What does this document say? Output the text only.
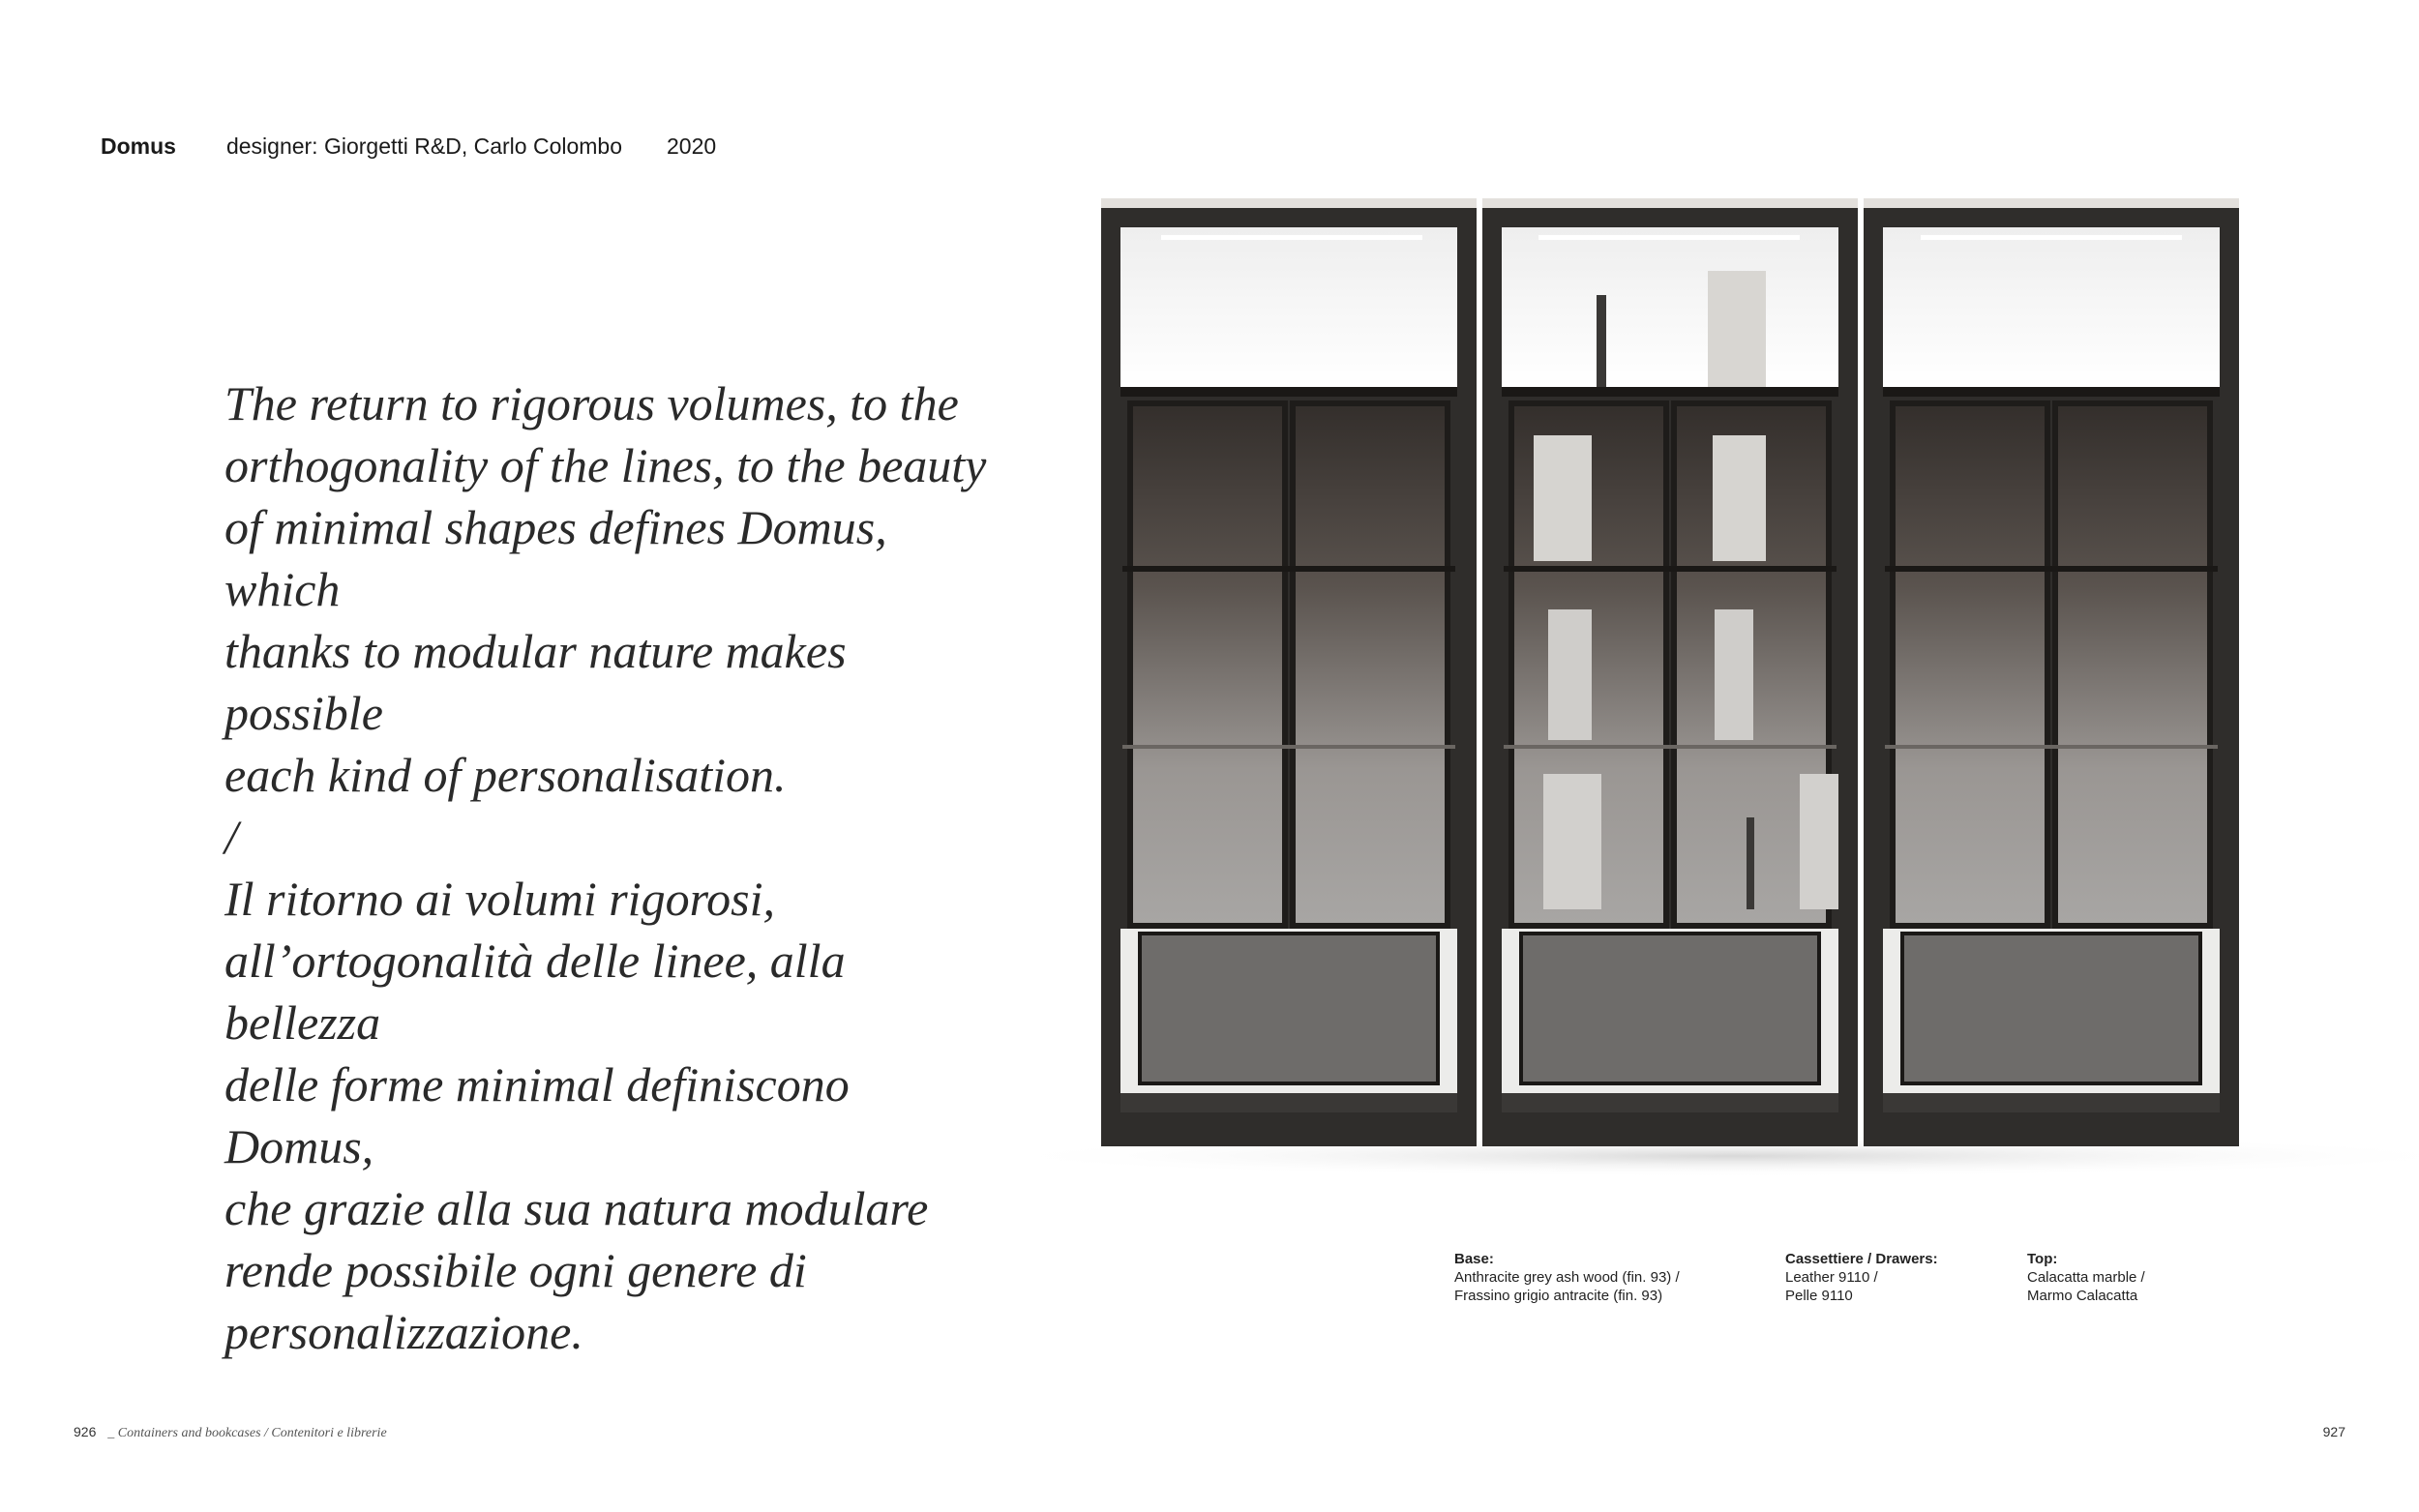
Domus designer: Giorgetti R&D, Carlo Colombo 2020

The return to rigorous volumes, to the

orthogonality of the lines, to the beauty

of minimal shapes defines Domus, which

thanks to modular nature makes possible

each kind of personalisation.

/

Il ritorno ai volumi rigorosi,

all’ortogonalità delle linee, alla bellezza

delle forme minimal definiscono Domus,

che grazie alla sua natura modulare

rende possibile ogni genere di

personalizzazione.

Base:
Anthracite grey ash wood (fin. 93) /
Frassino grigio antracite (fin. 93)
Cassettiere / Drawers:
Leather 9110 /
Pelle 9110
Top:
Calacatta marble /
Marmo Calacatta
926 _ Containers and bookcases / Contenitori e librerie	927
